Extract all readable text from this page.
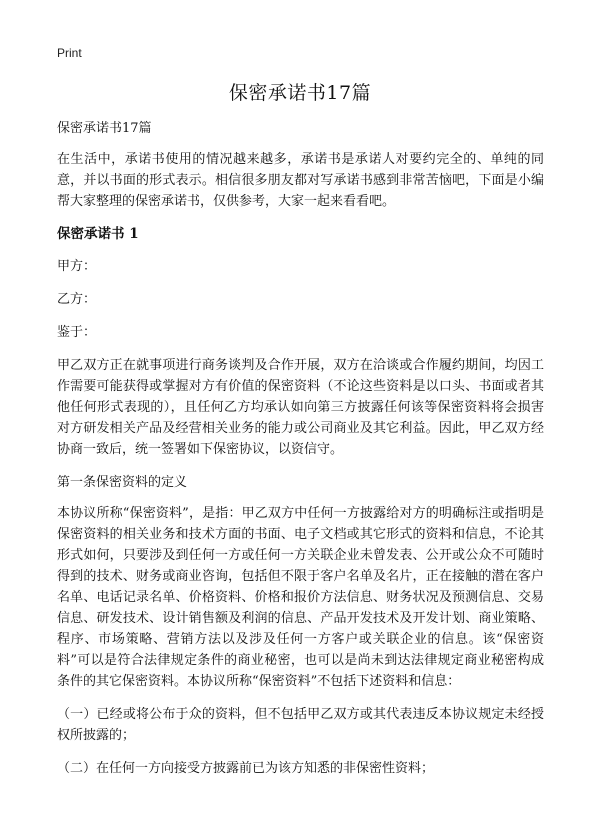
Print
保密承诺书17篇

保密承诺书17篇

在生活中，承诺书使用的情况越来越多，承诺书是承诺人对要约完全的、单纯的同意，并以书面的形式表示。相信很多朋友都对写承诺书感到非常苦恼吧，下面是小编帮大家整理的保密承诺书，仅供参考，大家一起来看看吧。

保密承诺书 1

甲方：

乙方：

鉴于：

甲乙双方正在就事项进行商务谈判及合作开展，双方在洽谈或合作履约期间，均因工作需要可能获得或掌握对方有价值的保密资料（不论这些资料是以口头、书面或者其他任何形式表现的），且任何乙方均承认如向第三方披露任何该等保密资料将会损害对方研发相关产品及经营相关业务的能力或公司商业及其它利益。因此，甲乙双方经协商一致后，统一签署如下保密协议，以资信守。

第一条保密资料的定义

本协议所称“保密资料”，是指：甲乙双方中任何一方披露给对方的明确标注或指明是保密资料的相关业务和技术方面的书面、电子文档或其它形式的资料和信息，不论其形式如何，只要涉及到任何一方或任何一方关联企业未曾发表、公开或公众不可随时得到的技术、财务或商业咨询，包括但不限于客户名单及名片，正在接触的潜在客户名单、电话记录名单、价格资料、价格和报价方法信息、财务状况及预测信息、交易信息、研发技术、设计销售额及利润的信息、产品开发技术及开发计划、商业策略、程序、市场策略、营销方法以及涉及任何一方客户或关联企业的信息。该“保密资料”可以是符合法律规定条件的商业秘密，也可以是尚未到达法律规定商业秘密构成条件的其它保密资料。本协议所称“保密资料”不包括下述资料和信息：

（一）已经或将公布于众的资料，但不包括甲乙双方或其代表违反本协议规定未经授权所披露的；

（二）在任何一方向接受方披露前已为该方知悉的非保密性资料；
